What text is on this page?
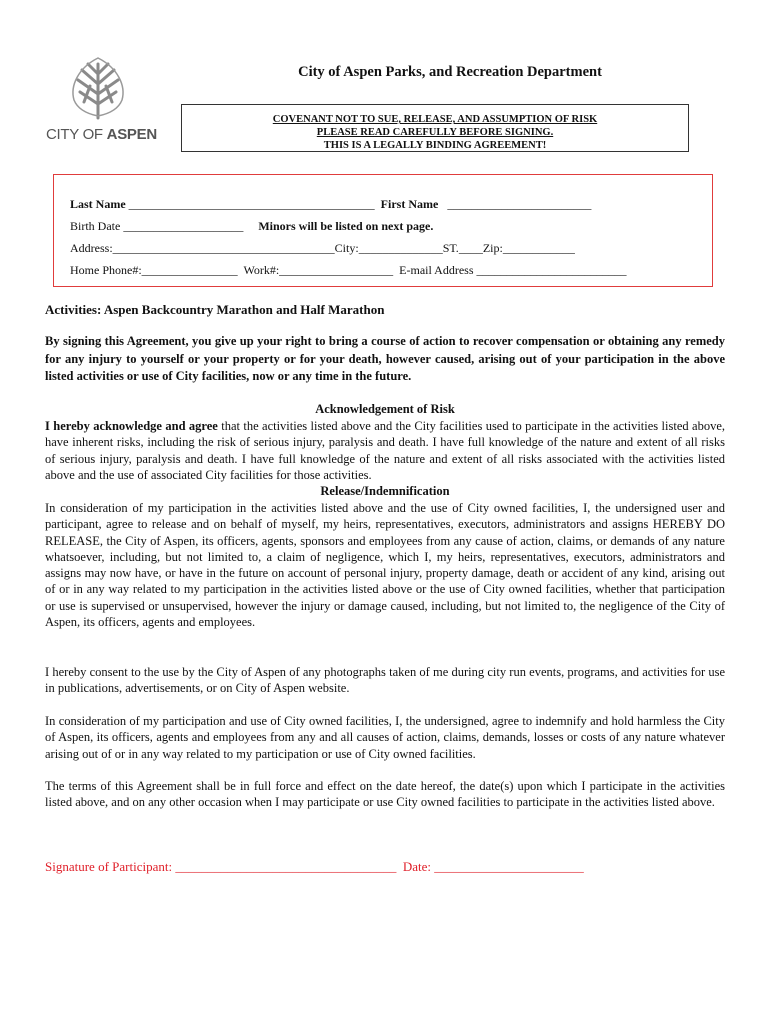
CITY OF ASPEN
City of Aspen Parks, and Recreation Department
COVENANT NOT TO SUE, RELEASE, AND ASSUMPTION OF RISK
PLEASE READ CAREFULLY BEFORE SIGNING.
THIS IS A LEGALLY BINDING AGREEMENT!
Last Name _________________________________________ First Name ________________________
Birth Date ____________________ Minors will be listed on next page.
Address:_____________________________________City:______________ST.____Zip:____________
Home Phone#:________________ Work#:___________________ E-mail Address _________________________
Activities: Aspen Backcountry Marathon and Half Marathon
By signing this Agreement, you give up your right to bring a course of action to recover compensation or obtaining any remedy for any injury to yourself or your property or for your death, however caused, arising out of your participation in the above listed activities or use of City facilities, now or any time in the future.
Acknowledgement of Risk
I hereby acknowledge and agree that the activities listed above and the City facilities used to participate in the activities listed above, have inherent risks, including the risk of serious injury, paralysis and death. I have full knowledge of the nature and extent of all risks of serious injury, paralysis and death. I have full knowledge of the nature and extent of all risks associated with the activities listed above and the use of associated City facilities for those activities.
Release/Indemnification
In consideration of my participation in the activities listed above and the use of City owned facilities, I, the undersigned user and participant, agree to release and on behalf of myself, my heirs, representatives, executors, administrators and assigns HEREBY DO RELEASE, the City of Aspen, its officers, agents, sponsors and employees from any cause of action, claims, or demands of any nature whatsoever, including, but not limited to, a claim of negligence, which I, my heirs, representatives, executors, administrators and assigns may now have, or have in the future on account of personal injury, property damage, death or accident of any kind, arising out of or in any way related to my participation in the activities listed above or the use of City owned facilities, whether that participation or use is supervised or unsupervised, however the injury or damage caused, including, but not limited to, the negligence of the City of Aspen, its officers, agents and employees.
I hereby consent to the use by the City of Aspen of any photographs taken of me during city run events, programs, and activities for use in publications, advertisements, or on City of Aspen website.
In consideration of my participation and use of City owned facilities, I, the undersigned, agree to indemnify and hold harmless the City of Aspen, its officers, agents and employees from any and all causes of action, claims, demands, losses or costs of any nature whatever arising out of or in any way related to my participation or use of City owned facilities.
The terms of this Agreement shall be in full force and effect on the date hereof, the date(s) upon which I participate in the activities listed above, and on any other occasion when I may participate or use City owned facilities to participate in the activities listed above.
Signature of Participant: __________________________________  Date: _______________________
